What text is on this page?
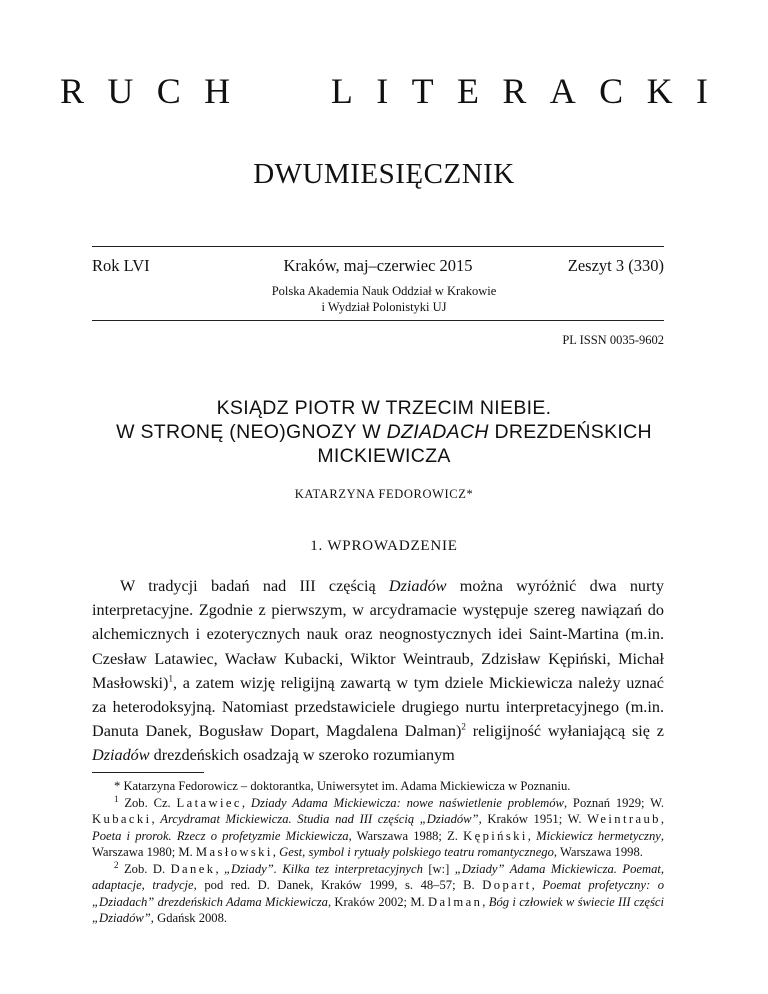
R U C H	L I T E R A C K I
DWUMIESIĘCZNIK
Rok LVI	Kraków, maj–czerwiec 2015	Zeszyt 3 (330)
Polska Akademia Nauk Oddział w Krakowie
i Wydział Polonistyki UJ
PL ISSN 0035-9602
KSIĄDZ PIOTR W TRZECIM NIEBIE.
W STRONĘ (NEO)GNOZY W DZIADACH DREZDEŃSKICH
MICKIEWICZA
KATARZYNA FEDOROWICZ*
1. WPROWADZENIE

W tradycji badań nad III częścią Dziadów można wyróżnić dwa nurty interpretacyjne. Zgodnie z pierwszym, w arcydramacie występuje szereg nawiązań do alchemicznych i ezoterycznych nauk oraz neognostycznych idei Saint-Martina (m.in. Czesław Latawiec, Wacław Kubacki, Wiktor Weintraub, Zdzisław Kępiński, Michał Masłowski)$^1$, a zatem wizję religijną zawartą w tym dziele Mickiewicza należy uznać za heterodoksyjną. Natomiast przedstawiciele drugiego nurtu interpretacyjnego (m.in. Danuta Danek, Bogusław Dopart, Magdalena Dalman)$^2$ religijność wyłaniającą się z Dziadów drezdeńskich osadzają w szeroko rozumianym

* Katarzyna Fedorowicz – doktorantka, Uniwersytet im. Adama Mickiewicza w Poznaniu.

$^1$ Zob. Cz. Latawiec, Dziady Adama Mickiewicza: nowe naświetlenie problemów, Poznań 1929; W. Kubacki, Arcydramat Mickiewicza. Studia nad III częścią „Dziadów”, Kraków 1951; W. Weintraub, Poeta i prorok. Rzecz o profetyzmie Mickiewicza, Warszawa 1988; Z. Kępiński, Mickiewicz hermetyczny, Warszawa 1980; M. Masłowski, Gest, symbol i rytuały polskiego teatru romantycznego, Warszawa 1998.

$^2$ Zob. D. Danek, „Dziady”. Kilka tez interpretacyjnych [w:] „Dziady” Adama Mickiewicza. Poemat, adaptacje, tradycje, pod red. D. Danek, Kraków 1999, s. 48–57; B. Dopart, Poemat profetyczny: o „Dziadach” drezdeńskich Adama Mickiewicza, Kraków 2002; M. Dalman, Bóg i człowiek w świecie III części „Dziadów”, Gdańsk 2008.
